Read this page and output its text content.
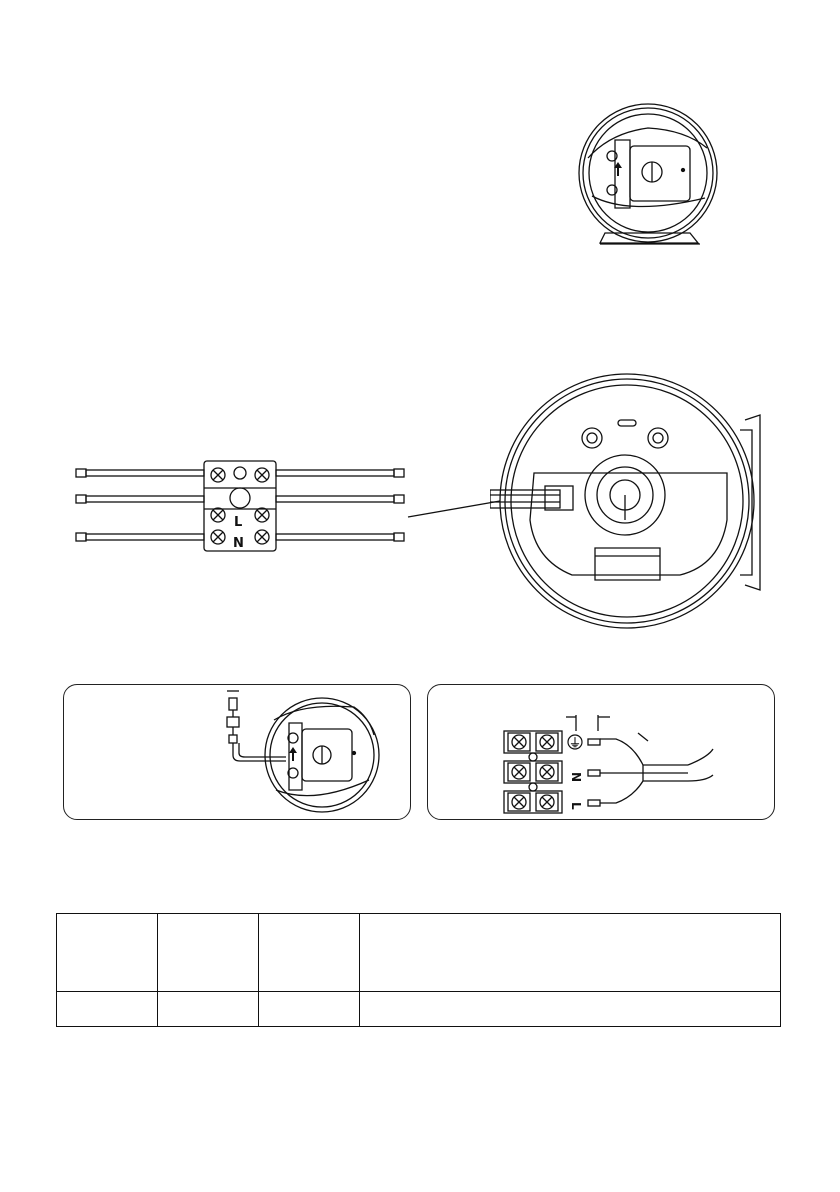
L
N
⏚
N
L
